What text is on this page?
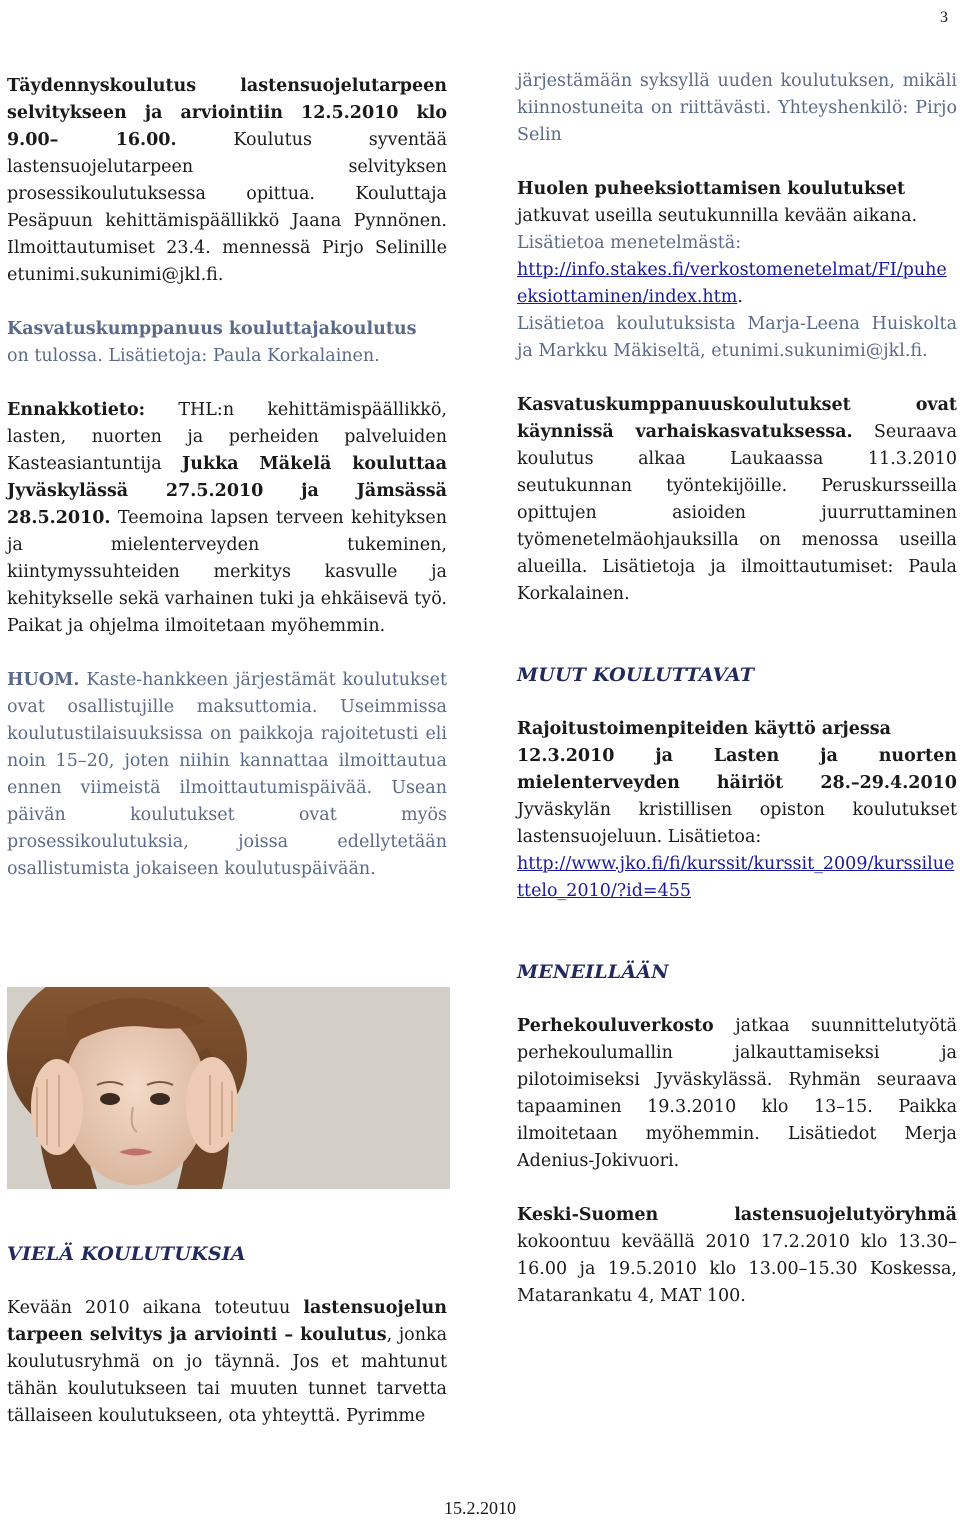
3

Täydennyskoulutus lastensuojelutarpeen selvitykseen ja arviointiin 12.5.2010 klo 9.00– 16.00. Koulutus syventää lastensuojelutarpeen selvityksen prosessikoulutuksessa opittua. Kouluttaja Pesäpuun kehittämispäällikkö Jaana Pynnönen. Ilmoittautumiset 23.4. mennessä Pirjo Selinille etunimi.sukunimi@jkl.fi.

Kasvatuskumppanuus kouluttajakoulutus
on tulossa. Lisätietoja: Paula Korkalainen.

Ennakkotieto: THL:n kehittämispäällikkö, lasten, nuorten ja perheiden palveluiden Kasteasiantuntija Jukka Mäkelä kouluttaa Jyväskylässä 27.5.2010 ja Jämsässä 28.5.2010. Teemoina lapsen terveen kehityksen ja mielenterveyden tukeminen, kiintymyssuhteiden merkitys kasvulle ja kehitykselle sekä varhainen tuki ja ehkäisevä työ. Paikat ja ohjelma ilmoitetaan myöhemmin.

HUOM. Kaste-hankkeen järjestämät koulutukset ovat osallistujille maksuttomia. Useimmissa koulutustilaisuuksissa on paikkoja rajoitetusti eli noin 15–20, joten niihin kannattaa ilmoittautua ennen viimeistä ilmoittautumispäivää. Usean päivän koulutukset ovat myös prosessikoulutuksia, joissa edellytetään osallistumista jokaiseen koulutuspäivään.

VIELÄ KOULUTUKSIA

Kevään 2010 aikana toteutuu lastensuojelun tarpeen selvitys ja arviointi – koulutus, jonka koulutusryhmä on jo täynnä. Jos et mahtunut tähän koulutukseen tai muuten tunnet tarvetta tällaiseen koulutukseen, ota yhteyttä. Pyrimme

järjestämään syksyllä uuden koulutuksen, mikäli kiinnostuneita on riittävästi. Yhteyshenkilö: Pirjo Selin

Huolen puheeksiottamisen koulutukset
jatkuvat useilla seutukunnilla kevään aikana.
Lisätietoa menetelmästä:
http://info.stakes.fi/verkostomenetelmat/FI/puheeksiottaminen/index.htm.
Lisätietoa koulutuksista Marja-Leena Huiskolta ja Markku Mäkiseltä, etunimi.sukunimi@jkl.fi.

Kasvatuskumppanuuskoulutukset ovat käynnissä varhaiskasvatuksessa. Seuraava koulutus alkaa Laukaassa 11.3.2010 seutukunnan työntekijöille. Peruskursseilla opittujen asioiden juurruttaminen työmenetelmäohjauksilla on menossa useilla alueilla. Lisätietoja ja ilmoittautumiset: Paula Korkalainen.

MUUT KOULUTTAVAT

Rajoitustoimenpiteiden käyttö arjessa
12.3.2010 ja Lasten ja nuorten mielenterveyden häiriöt 28.–29.4.2010 Jyväskylän kristillisen opiston koulutukset lastensuojeluun. Lisätietoa:
http://www.jko.fi/fi/kurssit/kurssit_2009/kurssiluettelo_2010/?id=455

MENEILLÄÄN

Perhekouluverkosto jatkaa suunnittelutyötä perhekoulumallin jalkauttamiseksi ja pilotoimiseksi Jyväskylässä. Ryhmän seuraava tapaaminen 19.3.2010 klo 13–15. Paikka ilmoitetaan myöhemmin. Lisätiedot Merja Adenius-Jokivuori.

Keski-Suomen lastensuojelutyöryhmä kokoontuu keväällä 2010 17.2.2010 klo 13.30–16.00 ja 19.5.2010 klo 13.00–15.30 Koskessa, Matarankatu 4, MAT 100.

15.2.2010
